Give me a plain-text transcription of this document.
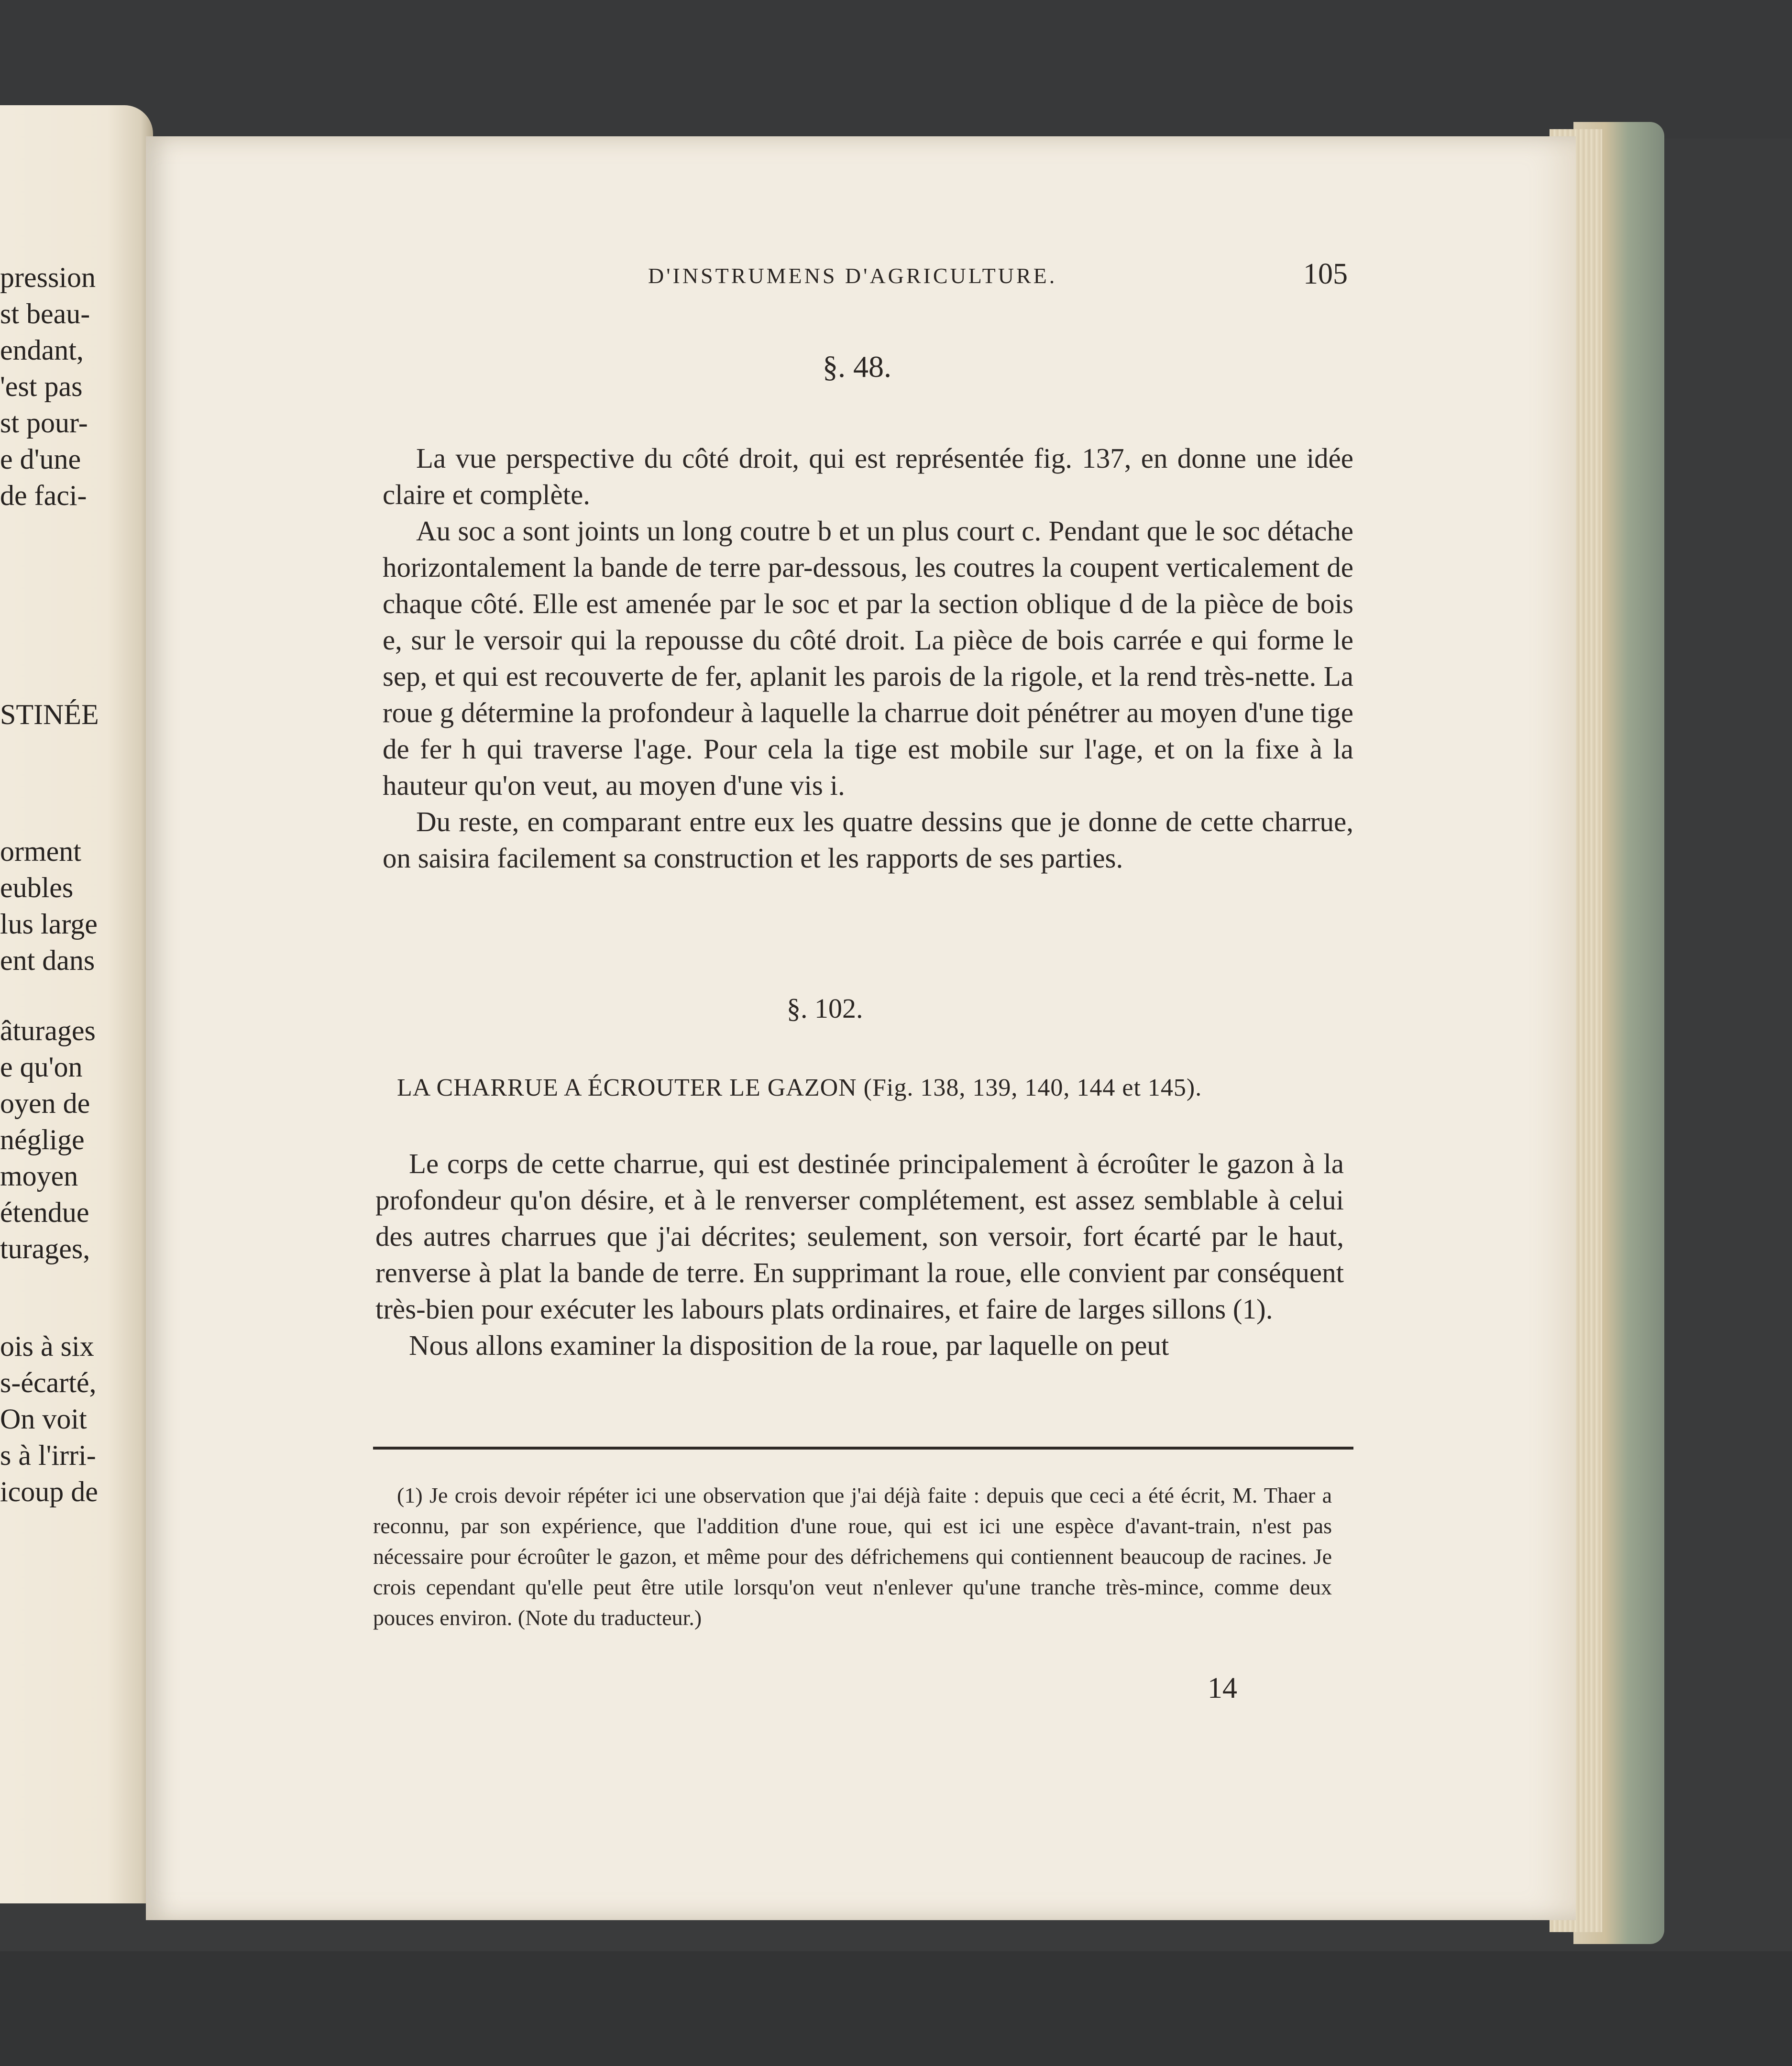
pression
st beau-
endant,
'est pas
st pour-
e d'une
de faci-
STINÉE
orment
eubles
lus large
ent dans
âturages
e qu'on
oyen de
néglige
moyen
étendue
turages,
ois à six
s-écarté,
On voit
s à l'irri-
icoup de
D'INSTRUMENS D'AGRICULTURE.	105
§. 48.

La vue perspective du côté droit, qui est représentée fig. 137, en donne une idée claire et complète.

Au soc a sont joints un long coutre b et un plus court c. Pendant que le soc détache horizontalement la bande de terre par-dessous, les coutres la coupent verticalement de chaque côté. Elle est amenée par le soc et par la section oblique d de la pièce de bois e, sur le versoir qui la repousse du côté droit. La pièce de bois carrée e qui forme le sep, et qui est recouverte de fer, aplanit les parois de la rigole, et la rend très-nette. La roue g détermine la profondeur à laquelle la charrue doit pénétrer au moyen d'une tige de fer h qui traverse l'age. Pour cela la tige est mobile sur l'age, et on la fixe à la hauteur qu'on veut, au moyen d'une vis i.

Du reste, en comparant entre eux les quatre dessins que je donne de cette charrue, on saisira facilement sa construction et les rapports de ses parties.

§. 102.
LA CHARRUE A ÉCROUTER LE GAZON (Fig. 138, 139, 140, 144 et 145).

Le corps de cette charrue, qui est destinée principalement à écroûter le gazon à la profondeur qu'on désire, et à le renverser complétement, est assez semblable à celui des autres charrues que j'ai décrites; seulement, son versoir, fort écarté par le haut, renverse à plat la bande de terre. En supprimant la roue, elle convient par conséquent très-bien pour exécuter les labours plats ordinaires, et faire de larges sillons (1).

Nous allons examiner la disposition de la roue, par laquelle on peut

(1) Je crois devoir répéter ici une observation que j'ai déjà faite : depuis que ceci a été écrit, M. Thaer a reconnu, par son expérience, que l'addition d'une roue, qui est ici une espèce d'avant-train, n'est pas nécessaire pour écroûter le gazon, et même pour des défrichemens qui contiennent beaucoup de racines. Je crois cependant qu'elle peut être utile lorsqu'on veut n'enlever qu'une tranche très-mince, comme deux pouces environ. (Note du traducteur.)

14
